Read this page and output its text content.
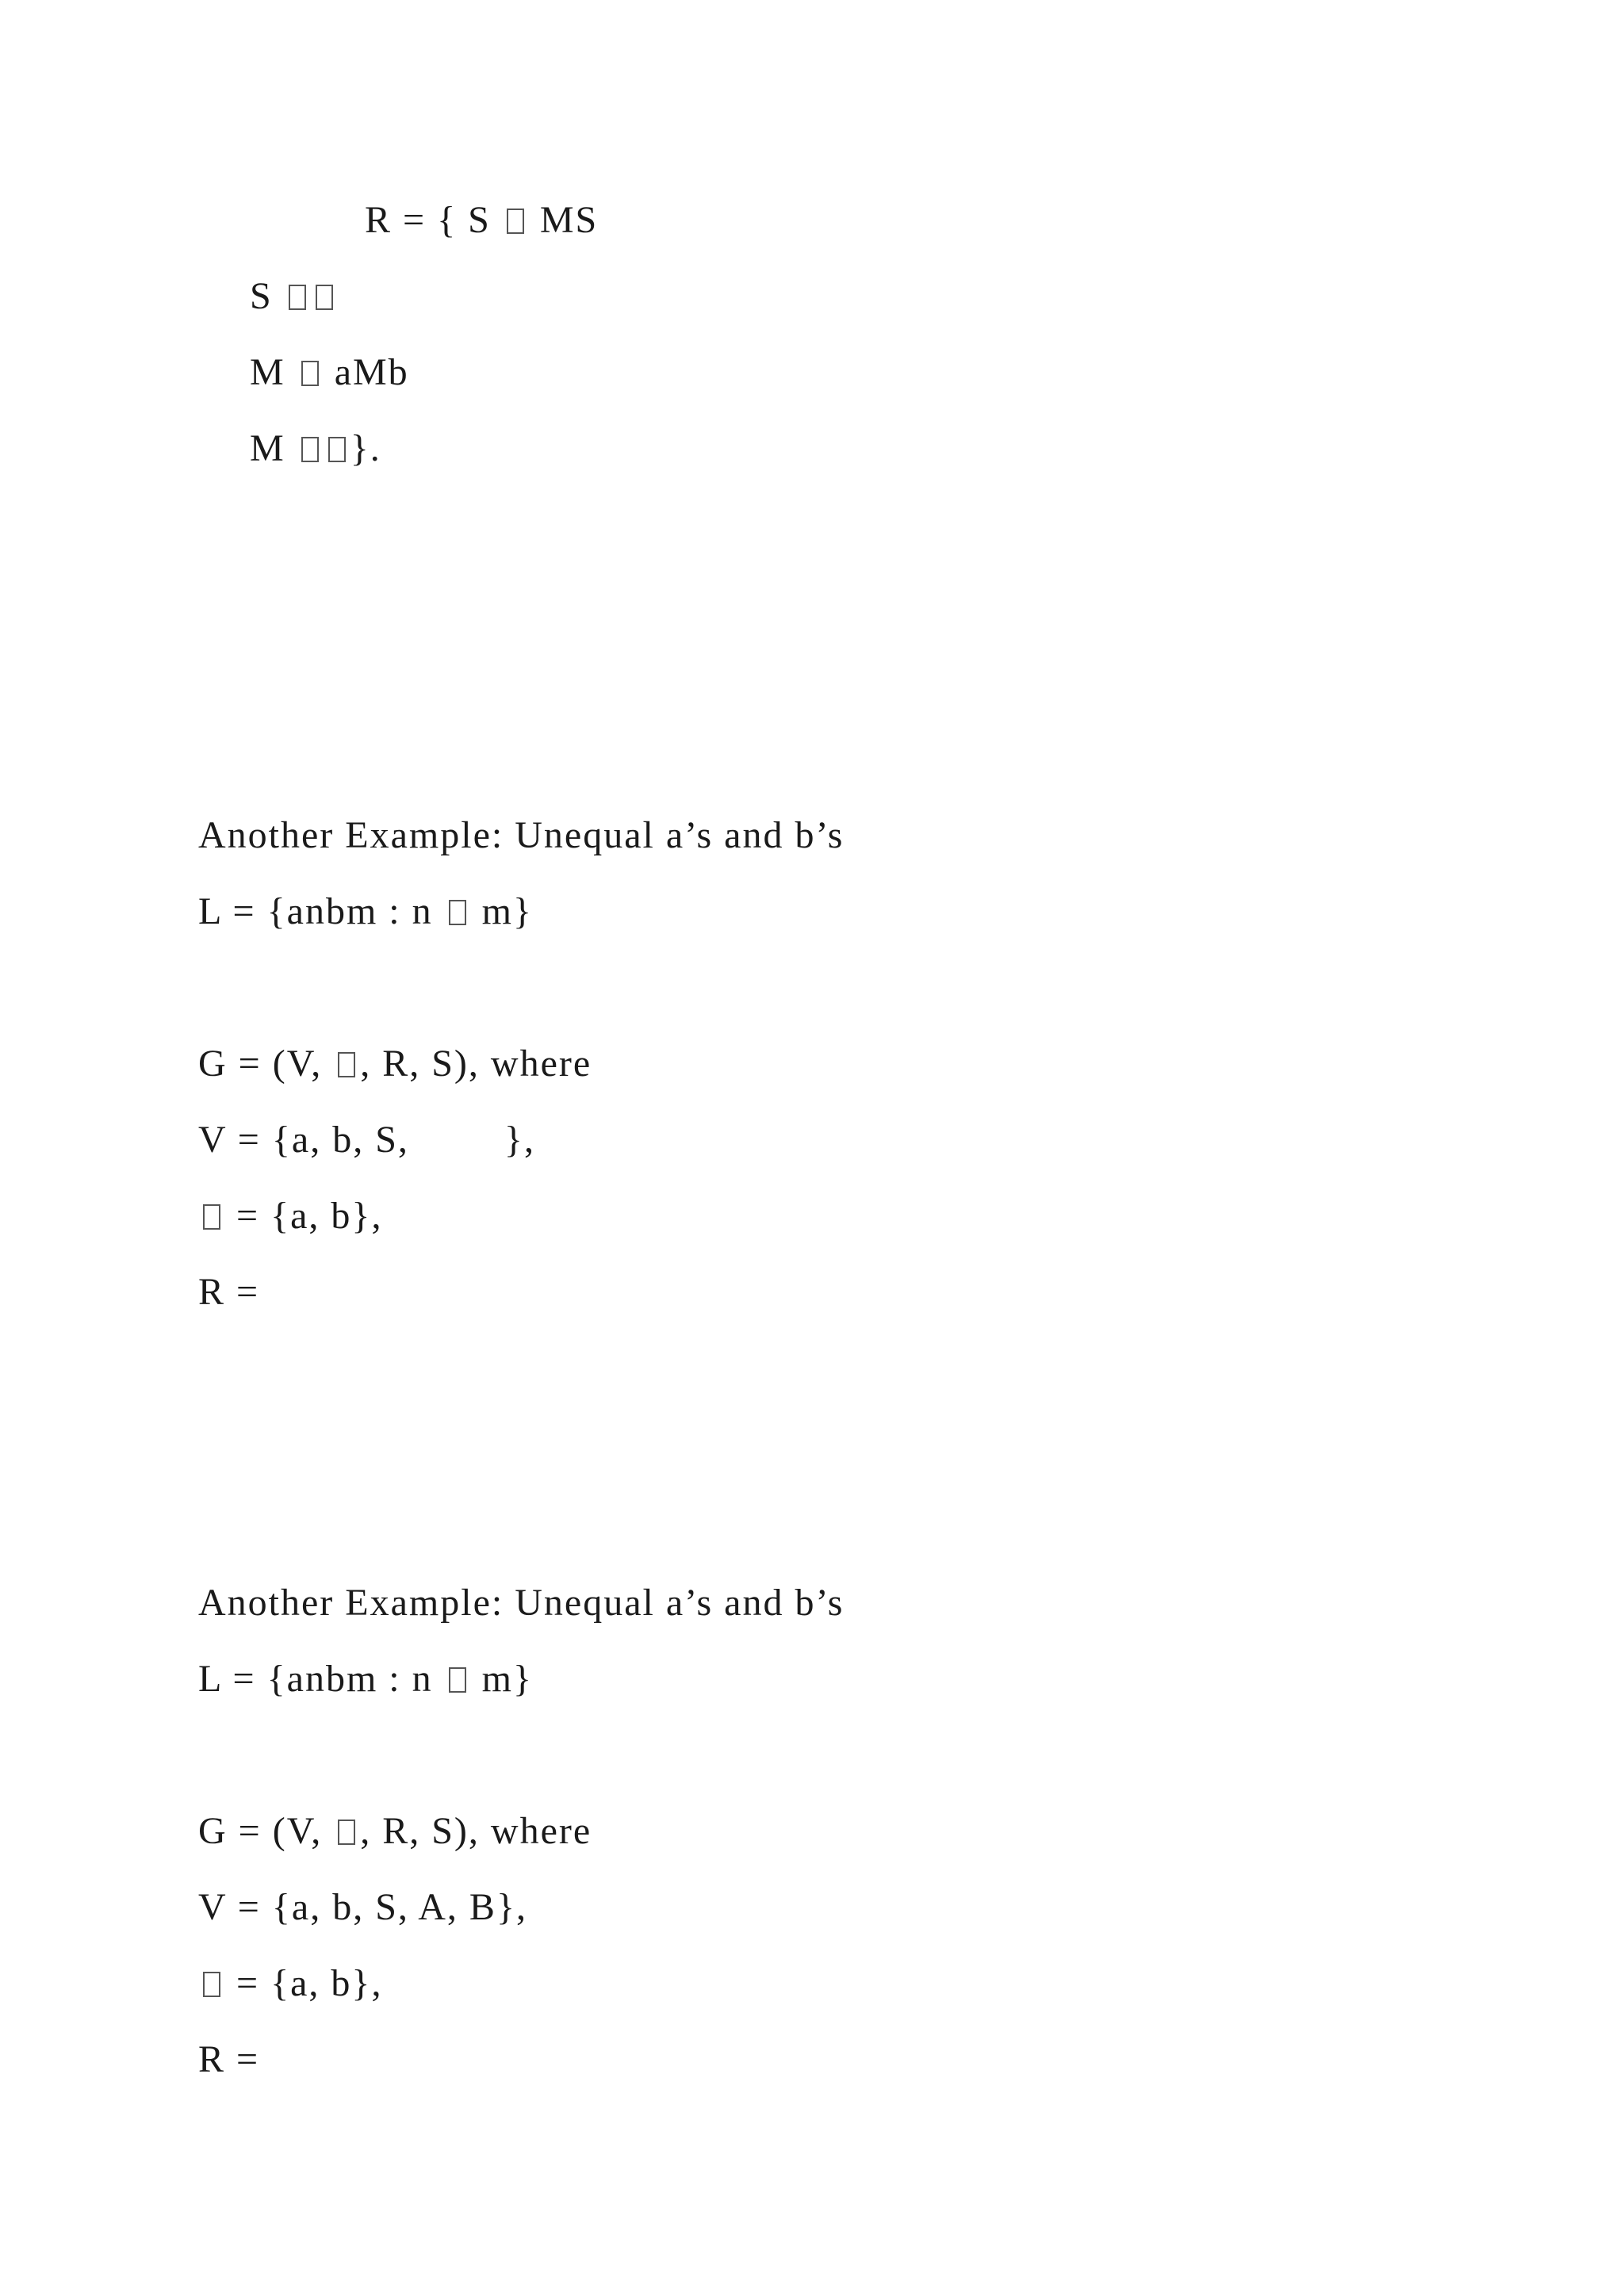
R = { S  MS
S
M  aMb
M }.
Another Example: Unequal a’s and b’s
L = {anbm : n  m}
G = (V, , R, S), where
V = {a, b, S,	},
= {a, b},
R =
Another Example: Unequal a’s and b’s
L = {anbm : n  m}
G = (V, , R, S), where
V = {a, b, S, A, B},
= {a, b},
R =
